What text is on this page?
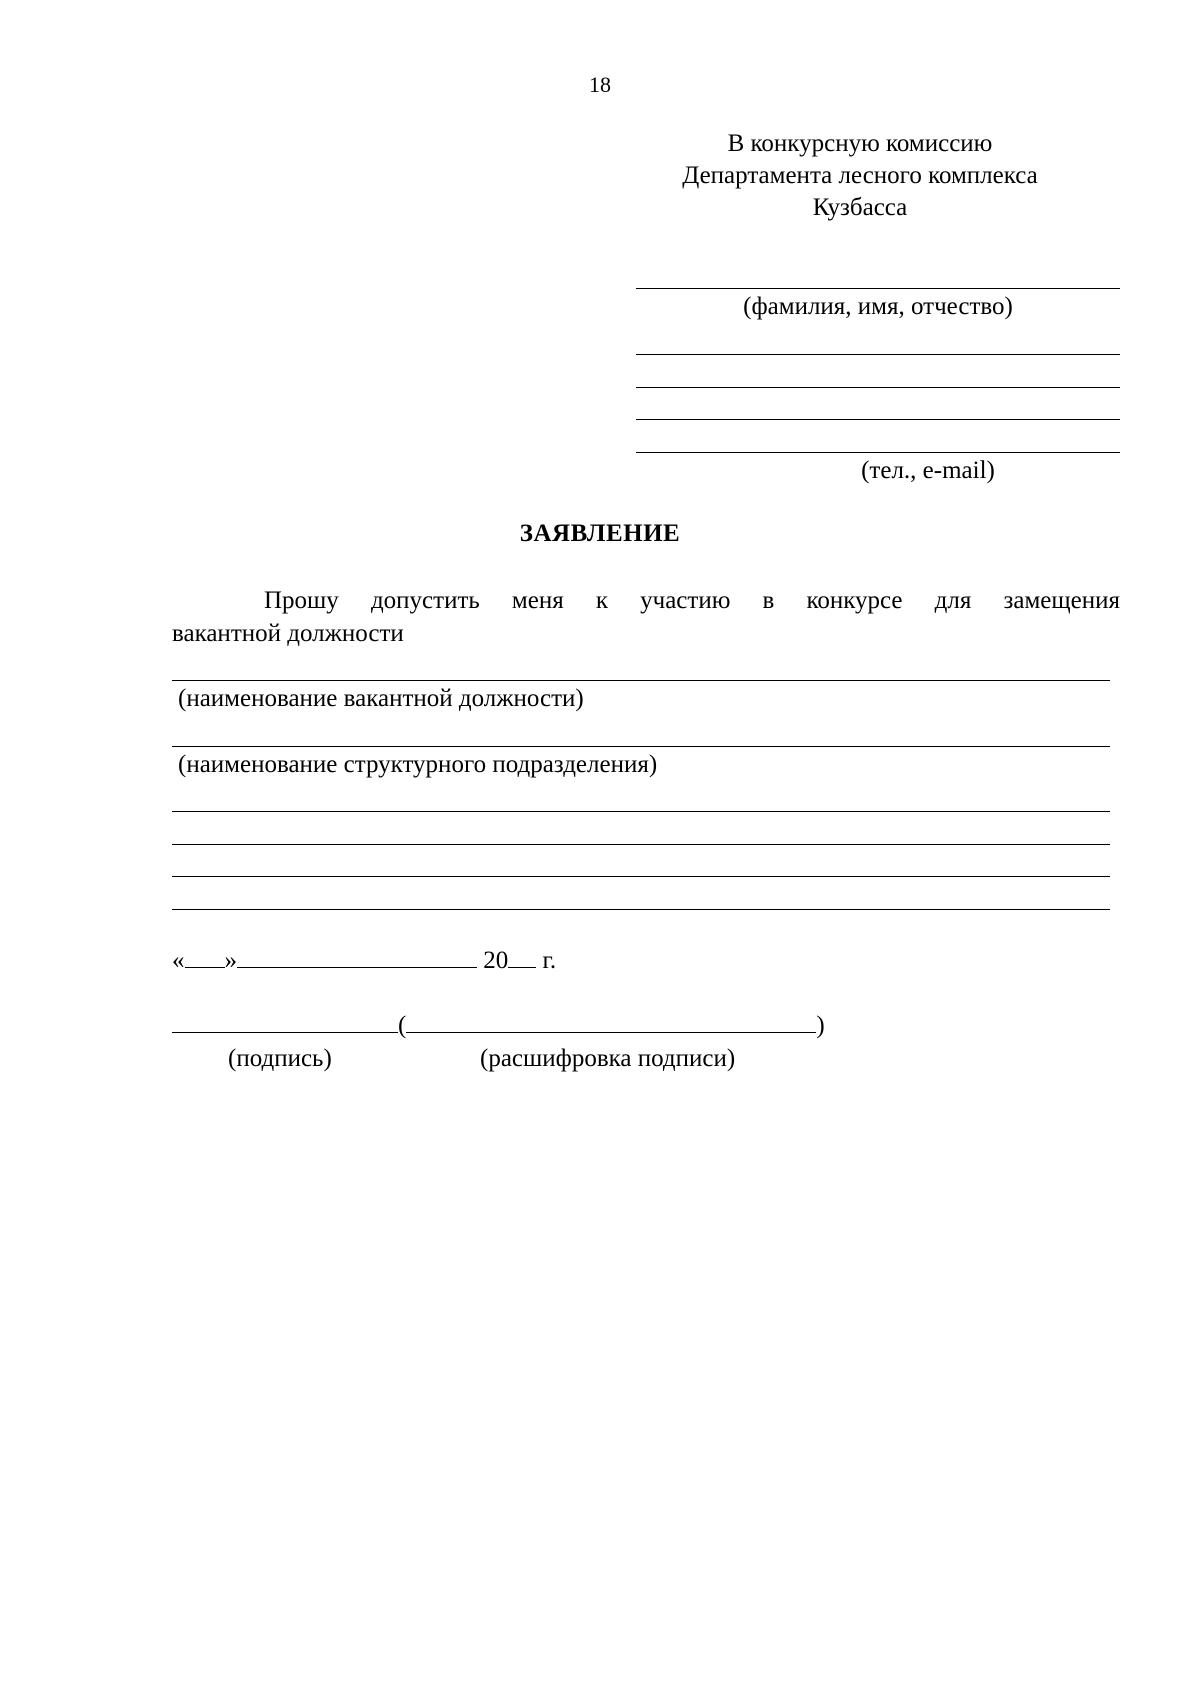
18
В конкурсную комиссию
Департамента лесного комплекса
Кузбасса
(фамилия, имя, отчество)
(тел., e-mail)
ЗАЯВЛЕНИЕ
Прошу допустить меня к участию в конкурсе для замещения
вакантной должности
(наименование вакантной должности)
(наименование структурного подразделения)
« »	20 г.
(	)
(подпись)	(расшифровка подписи)
